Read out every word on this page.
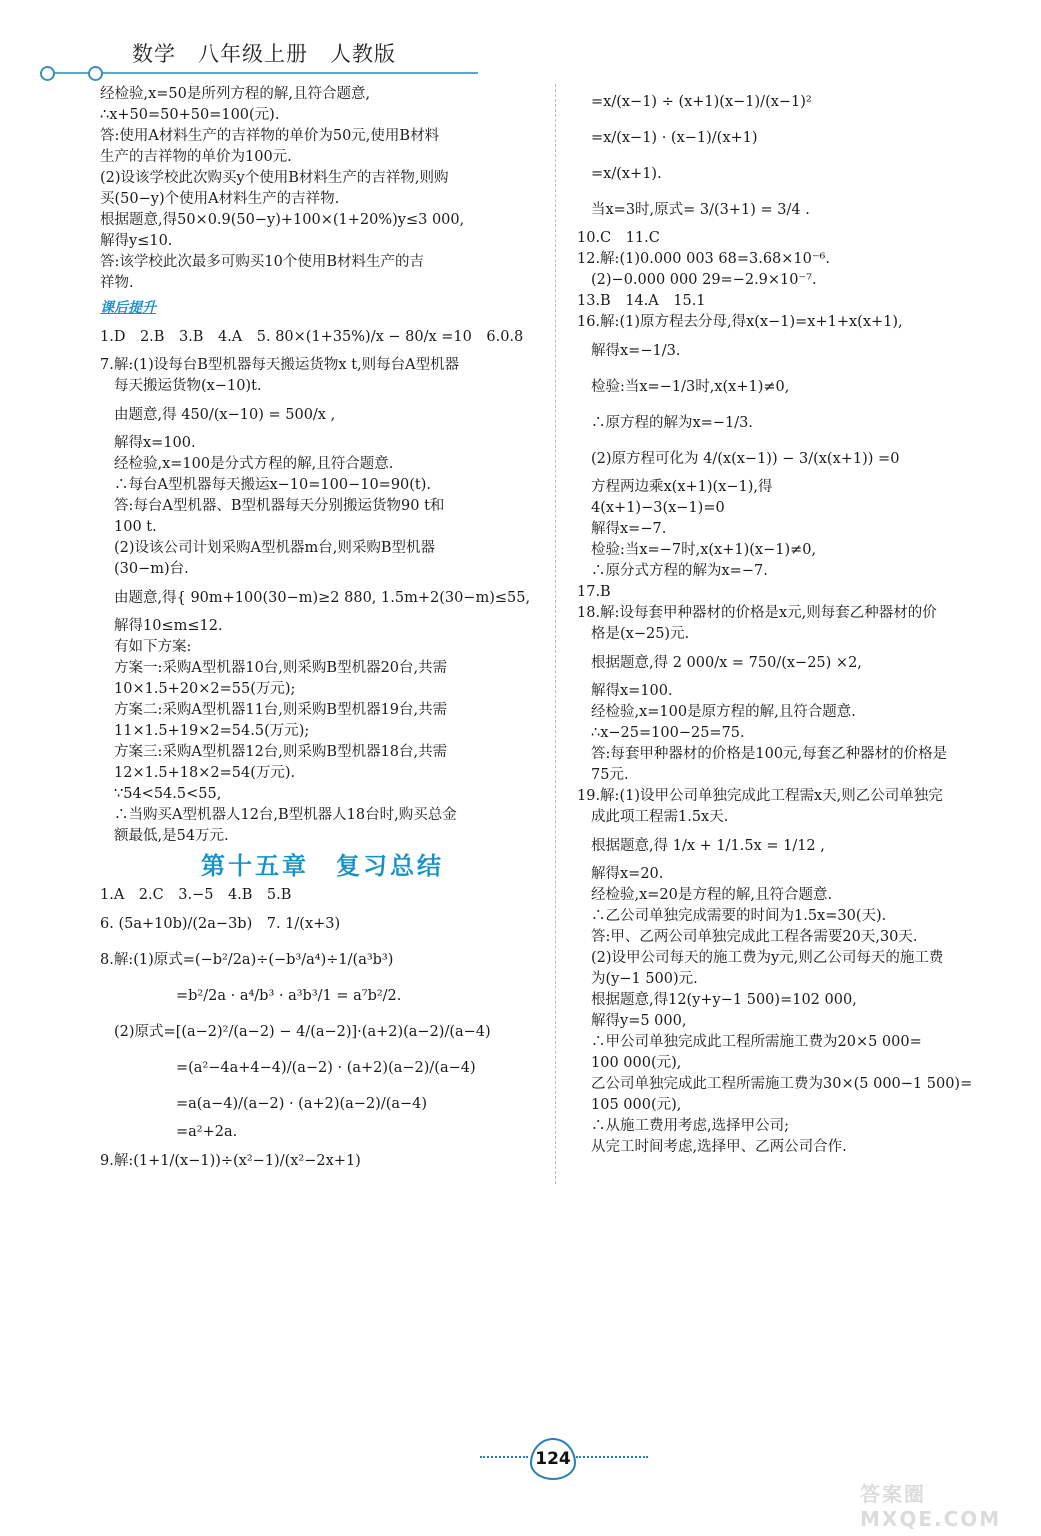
数学　八年级上册　人教版
经检验,x=50是所列方程的解,且符合题意,
∴x+50=50+50=100(元).
答:使用A材料生产的吉祥物的单价为50元,使用B材料
生产的吉祥物的单价为100元.
(2)设该学校此次购买y个使用B材料生产的吉祥物,则购
买(50−y)个使用A材料生产的吉祥物.
根据题意,得50×0.9(50−y)+100×(1+20%)y≤3 000,
解得y≤10.
答:该学校此次最多可购买10个使用B材料生产的吉
祥物.
课后提升
1.D　2.B　3.B　4.A　5. 80×(1+35%)/x − 80/x =10　6.0.8
7.解:(1)设每台B型机器每天搬运货物x t,则每台A型机器
每天搬运货物(x−10)t.
由题意,得 450/(x−10) = 500/x ,
解得x=100.
经检验,x=100是分式方程的解,且符合题意.
∴每台A型机器每天搬运x−10=100−10=90(t).
答:每台A型机器、B型机器每天分别搬运货物90 t和
100 t.
(2)设该公司计划采购A型机器m台,则采购B型机器
(30−m)台.
由题意,得{ 90m+100(30−m)≥2 880, 1.5m+2(30−m)≤55,
解得10≤m≤12.
有如下方案:
方案一:采购A型机器10台,则采购B型机器20台,共需
10×1.5+20×2=55(万元);
方案二:采购A型机器11台,则采购B型机器19台,共需
11×1.5+19×2=54.5(万元);
方案三:采购A型机器12台,则采购B型机器18台,共需
12×1.5+18×2=54(万元).
∵54<54.5<55,
∴当购买A型机器人12台,B型机器人18台时,购买总金
额最低,是54万元.
第十五章　复习总结
1.A　2.C　3.−5　4.B　5.B
6. (5a+10b)/(2a−3b)　7. 1/(x+3)
8.解:(1)原式=(−b²/2a)÷(−b³/a⁴)÷1/(a³b³)
=b²/2a · a⁴/b³ · a³b³/1 = a⁷b²/2.
(2)原式=[(a−2)²/(a−2) − 4/(a−2)]·(a+2)(a−2)/(a−4)
=(a²−4a+4−4)/(a−2) · (a+2)(a−2)/(a−4)
=a(a−4)/(a−2) · (a+2)(a−2)/(a−4)
=a²+2a.
9.解:(1+1/(x−1))÷(x²−1)/(x²−2x+1)
=x/(x−1) ÷ (x+1)(x−1)/(x−1)²
=x/(x−1) · (x−1)/(x+1)
=x/(x+1).
当x=3时,原式= 3/(3+1) = 3/4 .
10.C　11.C
12.解:(1)0.000 003 68=3.68×10⁻⁶.
(2)−0.000 000 29=−2.9×10⁻⁷.
13.B　14.A　15.1
16.解:(1)原方程去分母,得x(x−1)=x+1+x(x+1),
解得x=−1/3.
检验:当x=−1/3时,x(x+1)≠0,
∴原方程的解为x=−1/3.
(2)原方程可化为 4/(x(x−1)) − 3/(x(x+1)) =0
方程两边乘x(x+1)(x−1),得
4(x+1)−3(x−1)=0
解得x=−7.
检验:当x=−7时,x(x+1)(x−1)≠0,
∴原分式方程的解为x=−7.
17.B
18.解:设每套甲种器材的价格是x元,则每套乙种器材的价
格是(x−25)元.
根据题意,得 2 000/x = 750/(x−25) ×2,
解得x=100.
经检验,x=100是原方程的解,且符合题意.
∴x−25=100−25=75.
答:每套甲种器材的价格是100元,每套乙种器材的价格是
75元.
19.解:(1)设甲公司单独完成此工程需x天,则乙公司单独完
成此项工程需1.5x天.
根据题意,得 1/x + 1/1.5x = 1/12 ,
解得x=20.
经检验,x=20是方程的解,且符合题意.
∴乙公司单独完成需要的时间为1.5x=30(天).
答:甲、乙两公司单独完成此工程各需要20天,30天.
(2)设甲公司每天的施工费为y元,则乙公司每天的施工费
为(y−1 500)元.
根据题意,得12(y+y−1 500)=102 000,
解得y=5 000,
∴甲公司单独完成此工程所需施工费为20×5 000=
100 000(元),
乙公司单独完成此工程所需施工费为30×(5 000−1 500)=
105 000(元),
∴从施工费用考虑,选择甲公司;
从完工时间考虑,选择甲、乙两公司合作.
124
答案圈 MXQE.COM
